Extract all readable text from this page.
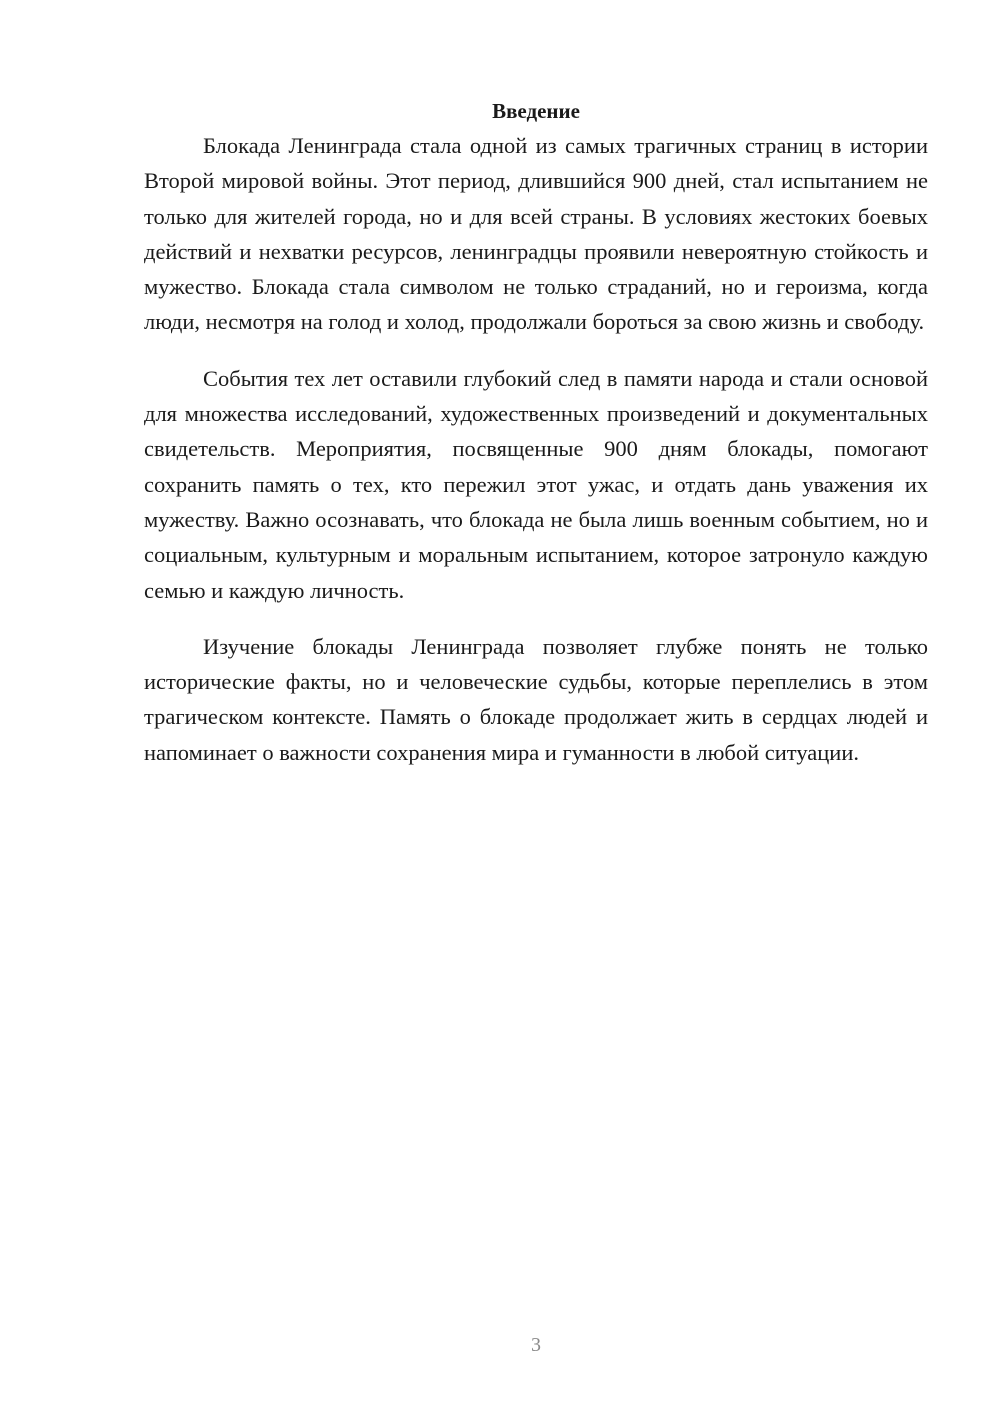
Введение

Блокада Ленинграда стала одной из самых трагичных страниц в истории Второй мировой войны. Этот период, длившийся 900 дней, стал испытанием не только для жителей города, но и для всей страны. В условиях жестоких боевых действий и нехватки ресурсов, ленинградцы проявили невероятную стойкость и мужество. Блокада стала символом не только страданий, но и героизма, когда люди, несмотря на голод и холод, продолжали бороться за свою жизнь и свободу.

События тех лет оставили глубокий след в памяти народа и стали основой для множества исследований, художественных произведений и документальных свидетельств. Мероприятия, посвященные 900 дням блокады, помогают сохранить память о тех, кто пережил этот ужас, и отдать дань уважения их мужеству. Важно осознавать, что блокада не была лишь военным событием, но и социальным, культурным и моральным испытанием, которое затронуло каждую семью и каждую личность.

Изучение блокады Ленинграда позволяет глубже понять не только исторические факты, но и человеческие судьбы, которые переплелись в этом трагическом контексте. Память о блокаде продолжает жить в сердцах людей и напоминает о важности сохранения мира и гуманности в любой ситуации.

3
